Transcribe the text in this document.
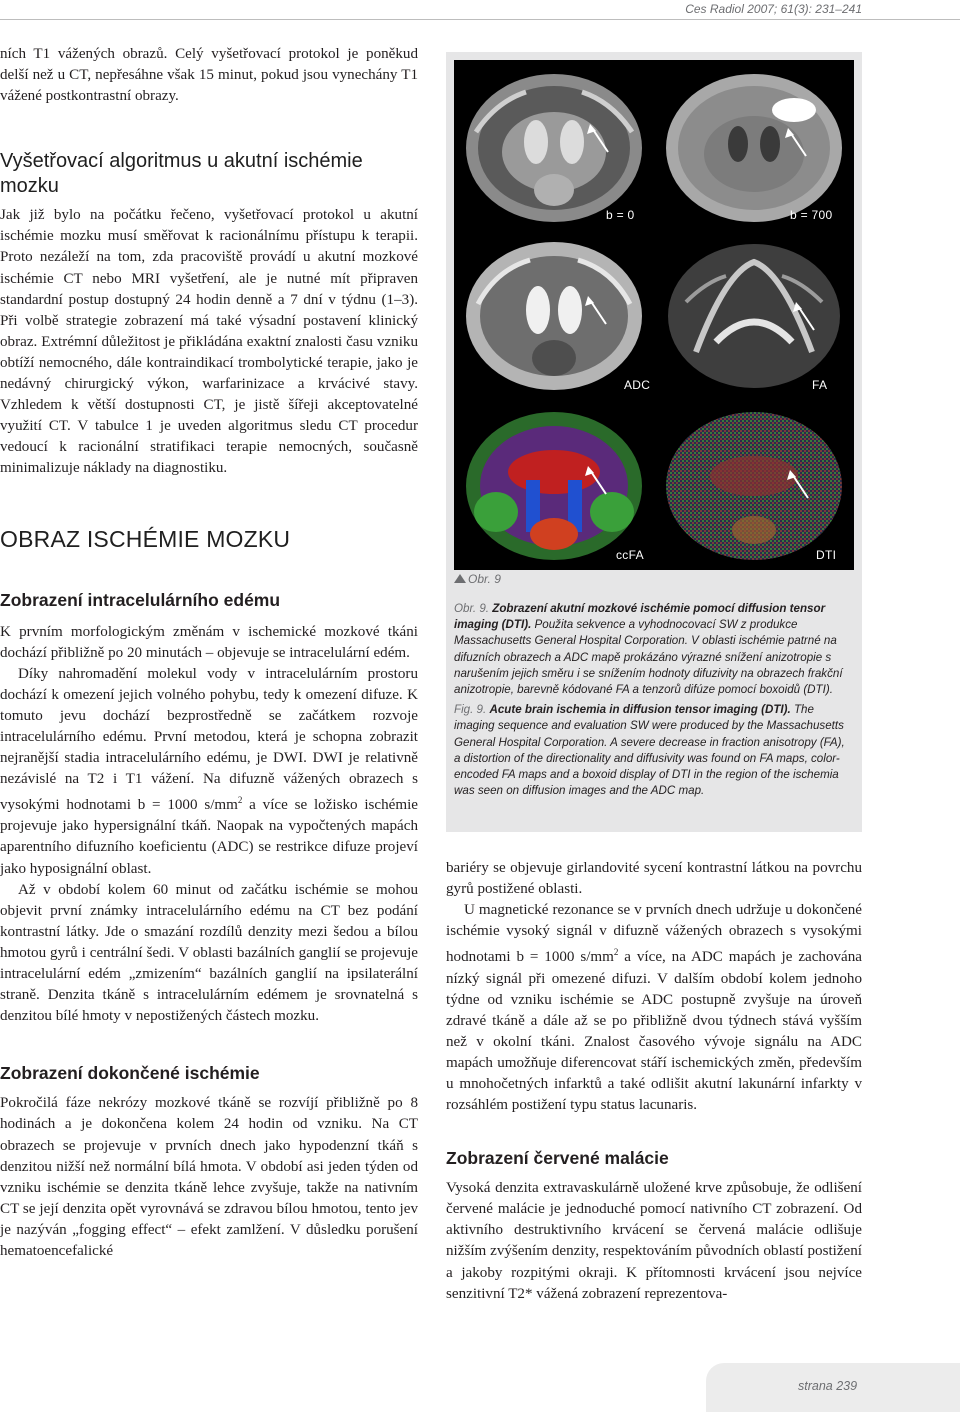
Ces Radiol 2007; 61(3): 231–241

ních T1 vážených obrazů. Celý vyšetřovací protokol je poněkud delší než u CT, nepřesáhne však 15 minut, pokud jsou vynechány T1 vážené postkontrastní obrazy.

Vyšetřovací algoritmus u akutní ischémie mozku

Jak již bylo na počátku řečeno, vyšetřovací protokol u akutní ischémie mozku musí směřovat k racionálnímu přístupu k terapii. Proto nezáleží na tom, zda pracoviště provádí u akutní mozkové ischémie CT nebo MRI vyšetření, ale je nutné mít připraven standardní postup dostupný 24 hodin denně a 7 dní v týdnu (1–3). Při volbě strategie zobrazení má také výsadní postavení klinický obraz. Extrémní důležitost je přikládána exaktní znalosti času vzniku obtíží nemocného, dále kontraindikací trombolytické terapie, jako je nedávný chirurgický výkon, warfarinizace a krvácivé stavy. Vzhledem k větší dostupnosti CT, je jistě šířeji akceptovatelné využití CT. V tabulce 1 je uveden algoritmus sledu CT procedur vedoucí k racionální stratifikaci terapie nemocných, současně minimalizuje náklady na diagnostiku.

OBRAZ ISCHÉMIE MOZKU
Zobrazení intracelulárního edému

K prvním morfologickým změnám v ischemické mozkové tkáni dochází přibližně po 20 minutách – objevuje se intracelulární edém.

Díky nahromadění molekul vody v intracelulárním prostoru dochází k omezení jejich volného pohybu, tedy k omezení difuze. K tomuto jevu dochází bezprostředně se začátkem rozvoje intracelulárního edému. První metodou, která je schopna zobrazit nejranější stadia intracelulárního edému, je DWI. DWI je relativně nezávislé na T2 i T1 vážení. Na difuzně vážených obrazech s vysokými hodnotami b = 1000 $s/mm^2$ a více se ložisko ischémie projevuje jako hypersignální tkáň. Naopak na vypočtených mapách aparentního difuzního koeficientu (ADC) se restrikce difuze projeví jako hyposignální oblast.

Až v období kolem 60 minut od začátku ischémie se mohou objevit první známky intracelulárního edému na CT bez podání kontrastní látky. Jde o smazání rozdílů denzity mezi šedou a bílou hmotou gyrů i centrální šedi. V oblasti bazálních ganglií se projevuje intracelulární edém „zmizením“ bazálních ganglií na ipsilaterální straně. Denzita tkáně s intracelulárním edémem je srovnatelná s denzitou bílé hmoty v nepostižených částech mozku.

Zobrazení dokončené ischémie

Pokročilá fáze nekrózy mozkové tkáně se rozvíjí přibližně po 8 hodinách a je dokončena kolem 24 hodin od vzniku. Na CT obrazech se projevuje v prvních dnech jako hypodenzní tkáň s denzitou nižší než normální bílá hmota. V období asi jeden týden od vzniku ischémie se denzita tkáně lehce zvyšuje, takže na nativním CT se její denzita opět vyrovnává se zdravou bílou hmotou, tento jev je nazýván „fogging effect“ – efekt zamlžení. V důsledku porušení hematoencefalické

b = 0	b = 700
ADC	FA
ccFA	DTI
Obr. 9
Obr. 9. Zobrazení akutní mozkové ischémie pomocí diffusion tensor imaging (DTI). Použita sekvence a vyhodnocovací SW z produkce Massachusetts General Hospital Corporation. V oblasti ischémie patrné na difuzních obrazech a ADC mapě prokázáno výrazné snížení anizotropie s narušením jejich směru i se snížením hodnoty difuzivity na obrazech frakční anizotropie, barevně kódované FA a tenzorů difúze pomocí boxoidů (DTI).
Fig. 9. Acute brain ischemia in diffusion tensor imaging (DTI). The imaging sequence and evaluation SW were produced by the Massachusetts General Hospital Corporation. A severe decrease in fraction anisotropy (FA), a distortion of the directionality and diffusivity was found on FA maps, color-encoded FA maps and a boxoid display of DTI in the region of the ischemia was seen on diffusion images and the ADC map.

bariéry se objevuje girlandovité sycení kontrastní látkou na povrchu gyrů postižené oblasti.

U magnetické rezonance se v prvních dnech udržuje u dokončené ischémie vysoký signál v difuzně vážených obrazech s vysokými hodnotami b = 1000 $s/mm^2$ a více, na ADC mapách je zachována nízký signál při omezené difuzi. V dalším období kolem jednoho týdne od vzniku ischémie se ADC postupně zvyšuje na úroveň zdravé tkáně a dále až se po přibližně dvou týdnech stává vyšším než v okolní tkáni. Znalost časového vývoje signálu na ADC mapách umožňuje diferencovat stáří ischemických změn, především u mnohočetných infarktů a také odlišit akutní lakunární infarkty v rozsáhlém postižení typu status lacunaris.

Zobrazení červené malácie

Vysoká denzita extravaskulárně uložené krve způsobuje, že odlišení červené malácie je jednoduché pomocí nativního CT zobrazení. Od aktivního destruktivního krvácení se červená malácie odlišuje nižším zvýšením denzity, respektováním původních oblastí postižení a jakoby rozpitými okraji. K přítomnosti krvácení jsou nejvíce senzitivní T2* vážená zobrazení reprezentova-

strana 239
